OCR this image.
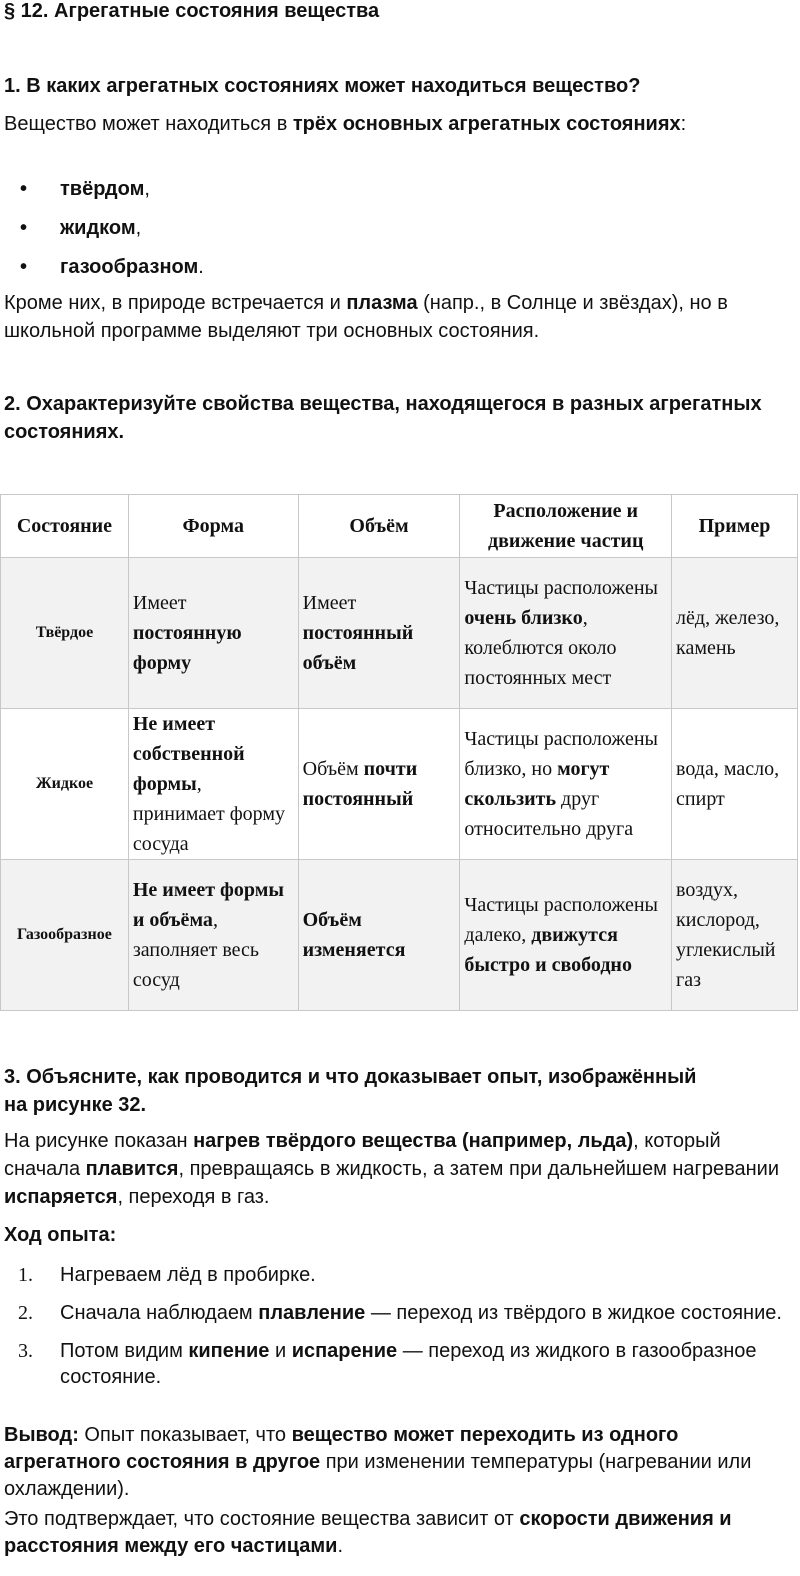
§ 12. Агрегатные состояния вещества
1. В каких агрегатных состояниях может находиться вещество?
Вещество может находиться в трёх основных агрегатных состояниях:
• твёрдом,
• жидком,
• газообразном.
Кроме них, в природе встречается и плазма (напр., в Солнце и звёздах), но в школьной программе выделяют три основных состояния.
2. Охарактеризуйте свойства вещества, находящегося в разных агрегатных состояниях.
Состояние	Форма	Объём	Расположение и движение частиц	Пример
Твёрдое	Имеет постоянную форму	Имеет постоянный объём	Частицы расположены очень близко, колеблются около постоянных мест	лёд, железо, камень
Жидкое	Не имеет собственной формы, принимает форму сосуда	Объём почти постоянный	Частицы расположены близко, но могут скользить друг относительно друга	вода, масло, спирт
Газообразное	Не имеет формы и объёма, заполняет весь сосуд	Объём изменяется	Частицы расположены далеко, движутся быстро и свободно	воздух, кислород, углекислый газ
3. Объясните, как проводится и что доказывает опыт, изображённый на рисунке 32.
На рисунке показан нагрев твёрдого вещества (например, льда), который сначала плавится, превращаясь в жидкость, а затем при дальнейшем нагревании испаряется, переходя в газ.
Ход опыта:
1. Нагреваем лёд в пробирке.
2. Сначала наблюдаем плавление — переход из твёрдого в жидкое состояние.
3. Потом видим кипение и испарение — переход из жидкого в газообразное состояние.
Вывод: Опыт показывает, что вещество может переходить из одного агрегатного состояния в другое при изменении температуры (нагревании или охлаждении).
Это подтверждает, что состояние вещества зависит от скорости движения и расстояния между его частицами.
